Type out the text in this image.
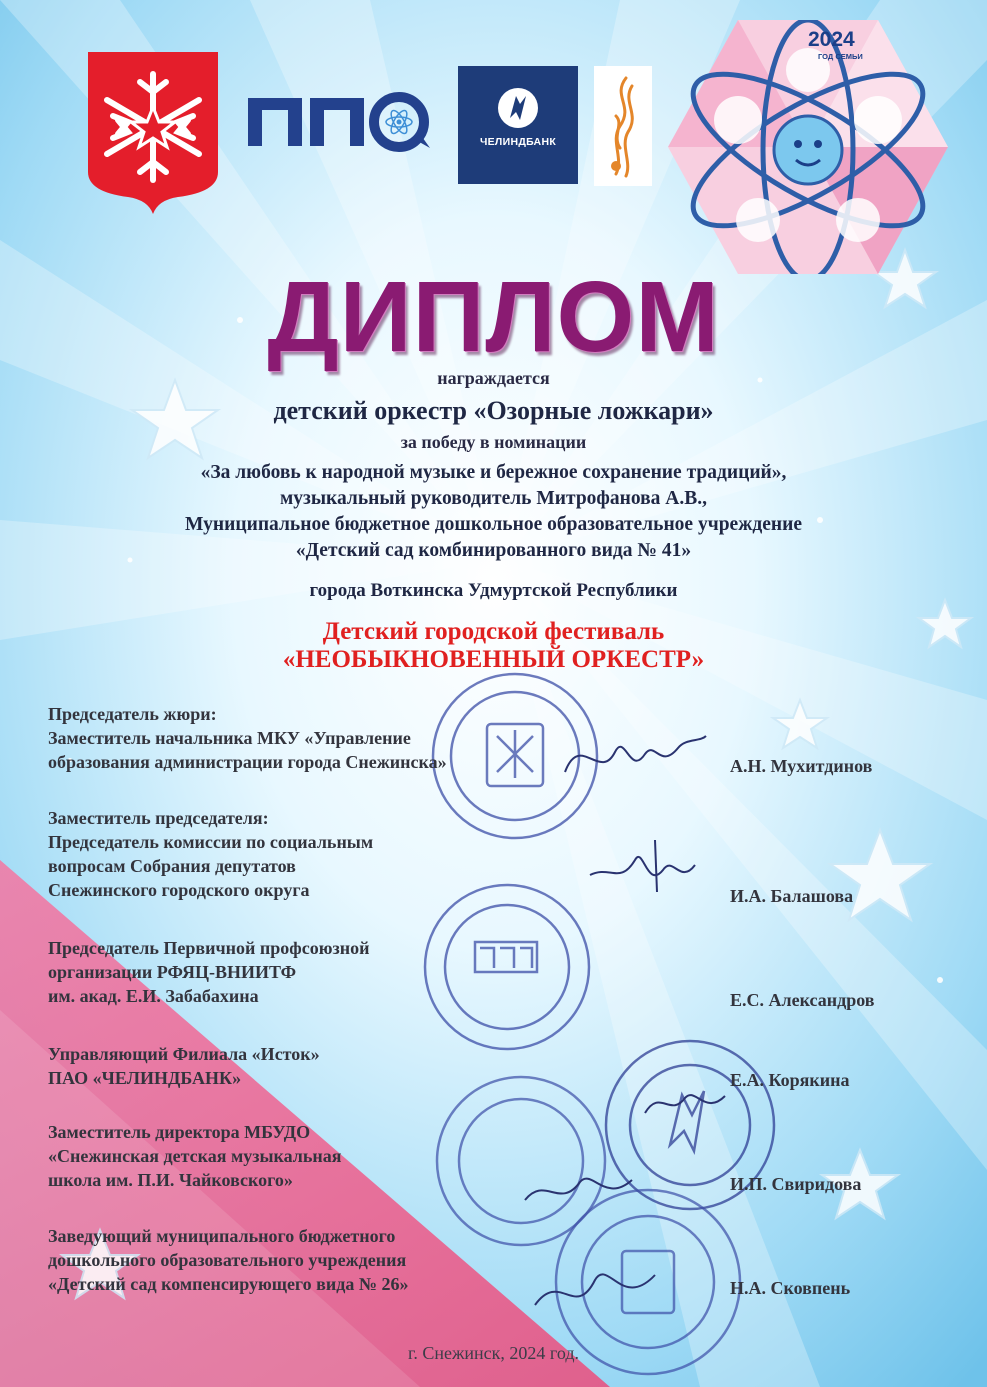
ЧЕЛИНДБАНК
2024
ГОД СЕМЬИ
ДИПЛОМ
награждается
детский оркестр «Озорные ложкари»
за победу в номинации
«За любовь к народной музыке и бережное сохранение традиций»,
музыкальный руководитель Митрофанова А.В.,
Муниципальное бюджетное дошкольное образовательное учреждение
«Детский сад комбинированного вида № 41»
города Воткинска Удмуртской Республики
Детский городской фестиваль
«НЕОБЫКНОВЕННЫЙ ОРКЕСТР»
Председатель жюри:
Заместитель начальника МКУ «Управление
образования администрации города Снежинска»	А.Н. Мухитдинов
Заместитель председателя:
Председатель комиссии по социальным
вопросам Собрания депутатов
Снежинского городского округа	И.А. Балашова
Председатель Первичной профсоюзной
организации РФЯЦ-ВНИИТФ
им. акад. Е.И. Забабахина	Е.С. Александров
Управляющий Филиала «Исток»
ПАО «ЧЕЛИНДБАНК»	Е.А. Корякина
Заместитель директора МБУДО
«Снежинская детская музыкальная
школа им. П.И. Чайковского»	И.П. Свиридова
Заведующий муниципального бюджетного
дошкольного образовательного учреждения
«Детский сад компенсирующего вида № 26»	Н.А. Сковпень
г. Снежинск, 2024 год.
